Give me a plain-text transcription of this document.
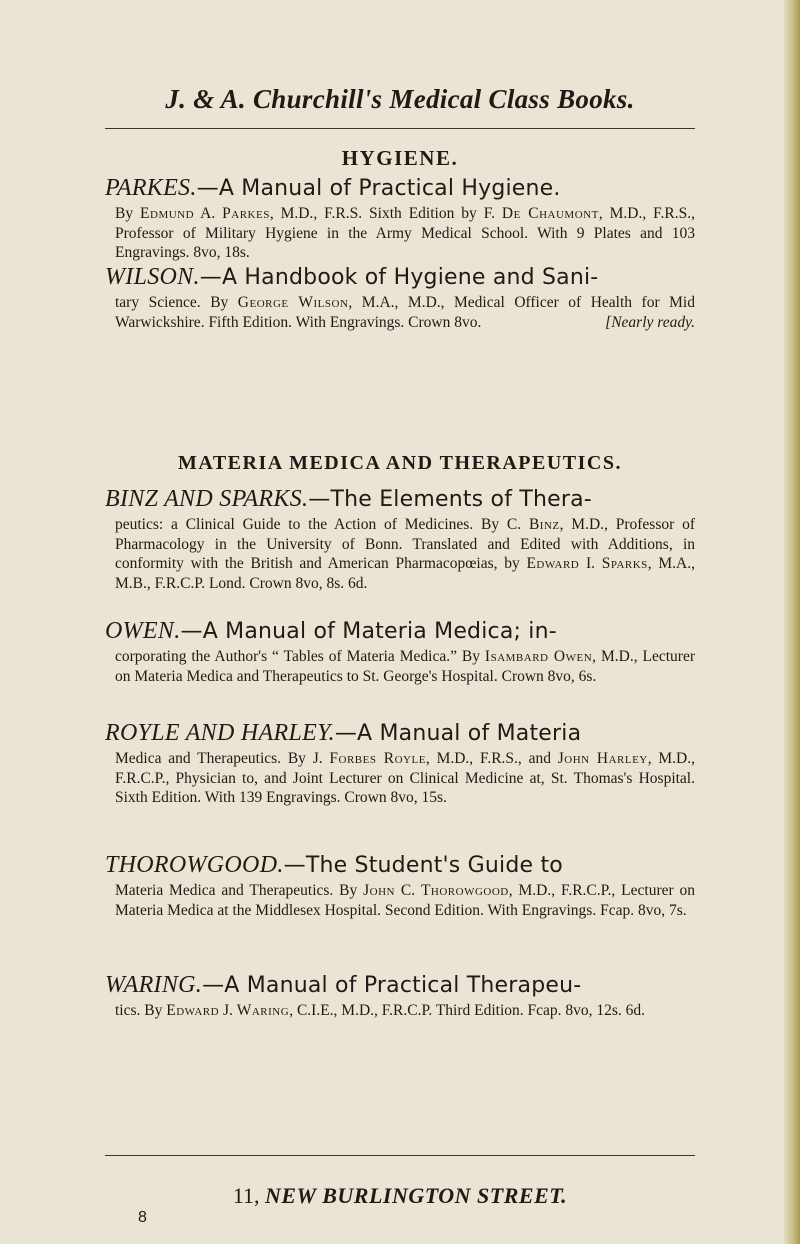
J. & A. Churchill's Medical Class Books.
HYGIENE.
PARKES.—A Manual of Practical Hygiene.
By Edmund A. Parkes, M.D., F.R.S. Sixth Edition by F. De Chaumont, M.D., F.R.S., Professor of Military Hygiene in the Army Medical School. With 9 Plates and 103 Engravings. 8vo, 18s.
WILSON.—A Handbook of Hygiene and Sani-
tary Science. By George Wilson, M.A., M.D., Medical Officer of Health for Mid Warwickshire. Fifth Edition. With Engravings. Crown 8vo.	[Nearly ready.
MATERIA MEDICA AND THERAPEUTICS.
BINZ AND SPARKS.—The Elements of Thera-
peutics: a Clinical Guide to the Action of Medicines. By C. Binz, M.D., Professor of Pharmacology in the University of Bonn. Translated and Edited with Additions, in conformity with the British and American Pharmacopœias, by Edward I. Sparks, M.A., M.B., F.R.C.P. Lond. Crown 8vo, 8s. 6d.
OWEN.—A Manual of Materia Medica; in-
corporating the Author's “ Tables of Materia Medica.” By Isambard Owen, M.D., Lecturer on Materia Medica and Therapeutics to St. George's Hospital. Crown 8vo, 6s.
ROYLE AND HARLEY.—A Manual of Materia
Medica and Therapeutics. By J. Forbes Royle, M.D., F.R.S., and John Harley, M.D., F.R.C.P., Physician to, and Joint Lecturer on Clinical Medicine at, St. Thomas's Hospital. Sixth Edition. With 139 Engravings. Crown 8vo, 15s.
THOROWGOOD.—The Student's Guide to
Materia Medica and Therapeutics. By John C. Thorowgood, M.D., F.R.C.P., Lecturer on Materia Medica at the Middlesex Hospital. Second Edition. With Engravings. Fcap. 8vo, 7s.
WARING.—A Manual of Practical Therapeu-
tics. By Edward J. Waring, C.I.E., M.D., F.R.C.P. Third Edition. Fcap. 8vo, 12s. 6d.
11, NEW BURLINGTON STREET.
8
